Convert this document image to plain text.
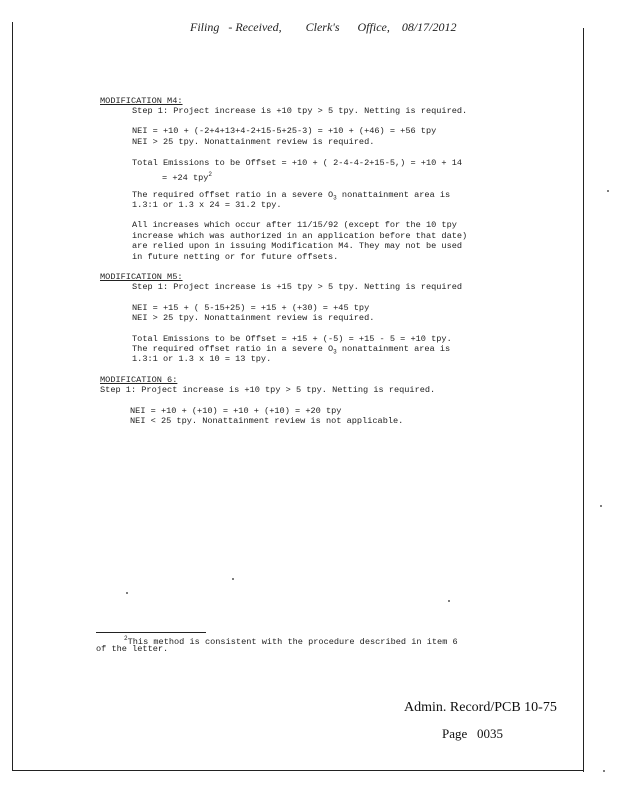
Filing   - Received,        Clerk's      Office,    08/17/2012
MODIFICATION M4:
Step 1: Project increase is +10 tpy > 5 tpy. Netting is required.
NEI = +10 + (-2+4+13+4-2+15-5+25-3) = +10 + (+46) = +56 tpy
NEI > 25 tpy. Nonattainment review is required.
Total Emissions to be Offset = +10 + ( 2-4-4-2+15-5,) = +10 + 14
= +24 tpy$^2$
The required offset ratio in a severe $O_3$ nonattainment area is
1.3:1 or 1.3 x 24 = 31.2 tpy.
All increases which occur after 11/15/92 (except for the 10 tpy
increase which was authorized in an application before that date)
are relied upon in issuing Modification M4. They may not be used
in future netting or for future offsets.
MODIFICATION M5:
Step 1: Project increase is +15 tpy > 5 tpy. Netting is required
NEI = +15 + ( 5-15+25) = +15 + (+30) = +45 tpy
NEI > 25 tpy. Nonattainment review is required.
Total Emissions to be Offset = +15 + (-5) = +15 - 5 = +10 tpy.
The required offset ratio in a severe $O_3$ nonattainment area is
1.3:1 or 1.3 x 10 = 13 tpy.
MODIFICATION 6:
Step 1: Project increase is +10 tpy > 5 tpy. Netting is required.
NEI = +10 + (+10) = +10 + (+10) = +20 tpy
NEI < 25 tpy. Nonattainment review is not applicable.
$^2$This method is consistent with the procedure described in item 6
of the letter.
Admin. Record/PCB 10-75
Page   0035
